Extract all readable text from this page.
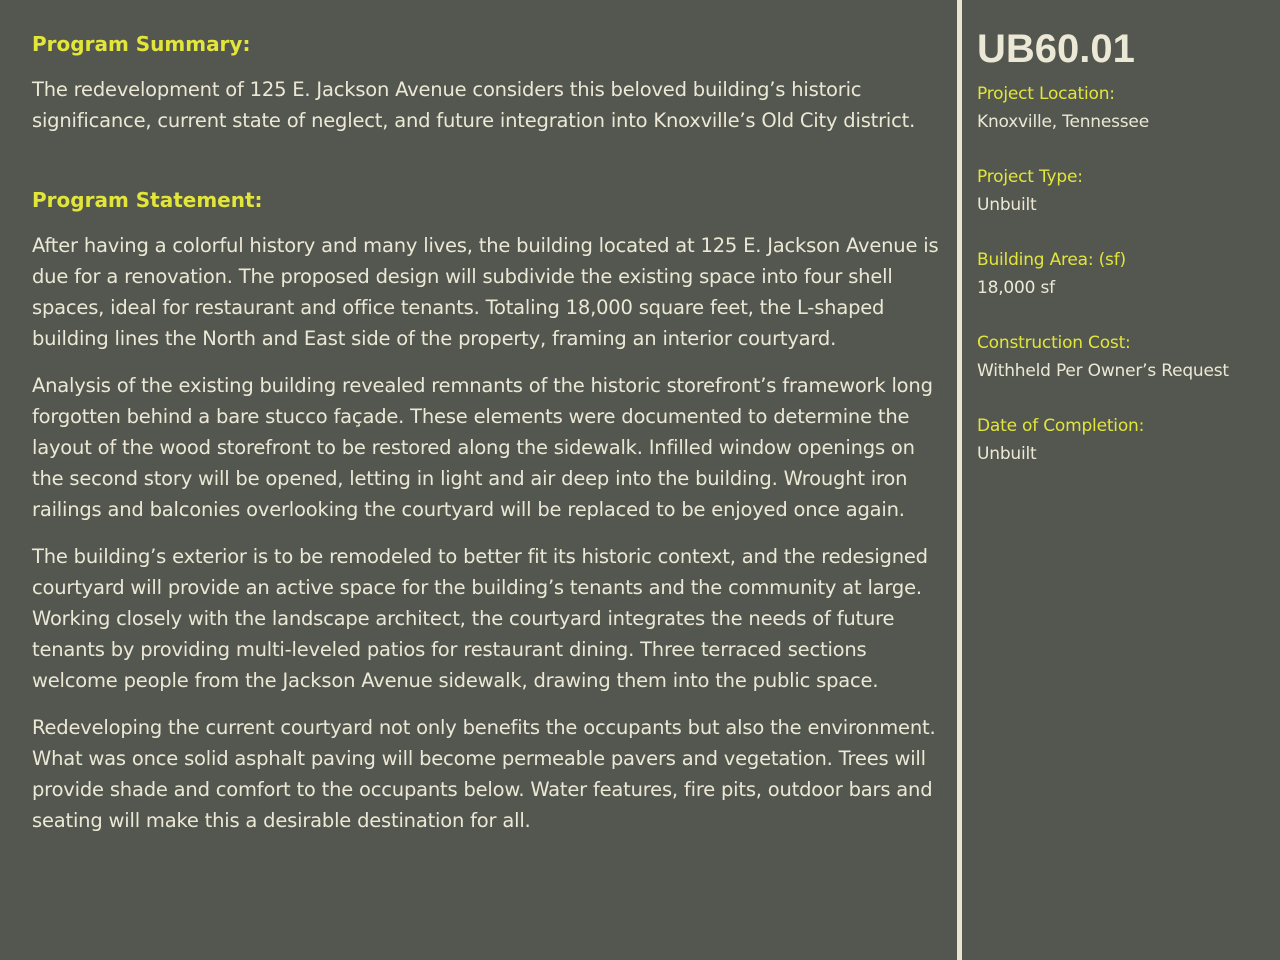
Program Summary:

The redevelopment of 125 E. Jackson Avenue considers this beloved building’s historic significance, current state of neglect, and future integration into Knoxville’s Old City district.

Program Statement:

After having a colorful history and many lives, the building located at 125 E. Jackson Avenue is due for a renovation. The proposed design will subdivide the existing space into four shell spaces, ideal for restaurant and office tenants. Totaling 18,000 square feet, the L-shaped building lines the North and East side of the property, framing an interior courtyard.

Analysis of the existing building revealed remnants of the historic storefront’s framework long forgotten behind a bare stucco façade. These elements were documented to determine the layout of the wood storefront to be restored along the sidewalk. Infilled window openings on the second story will be opened, letting in light and air deep into the building. Wrought iron railings and balconies overlooking the courtyard will be replaced to be enjoyed once again.

The building’s exterior is to be remodeled to better fit its historic context, and the redesigned courtyard will provide an active space for the building’s tenants and the community at large. Working closely with the landscape architect, the courtyard integrates the needs of future tenants by providing multi-leveled patios for restaurant dining. Three terraced sections welcome people from the Jackson Avenue sidewalk, drawing them into the public space.

Redeveloping the current courtyard not only benefits the occupants but also the environment. What was once solid asphalt paving will become permeable pavers and vegetation. Trees will provide shade and comfort to the occupants below. Water features, fire pits, outdoor bars and seating will make this a desirable destination for all.

UB60.01
Project Location:
Knoxville, Tennessee
Project Type:
Unbuilt
Building Area: (sf)
18,000 sf
Construction Cost:
Withheld Per Owner’s Request
Date of Completion:
Unbuilt
